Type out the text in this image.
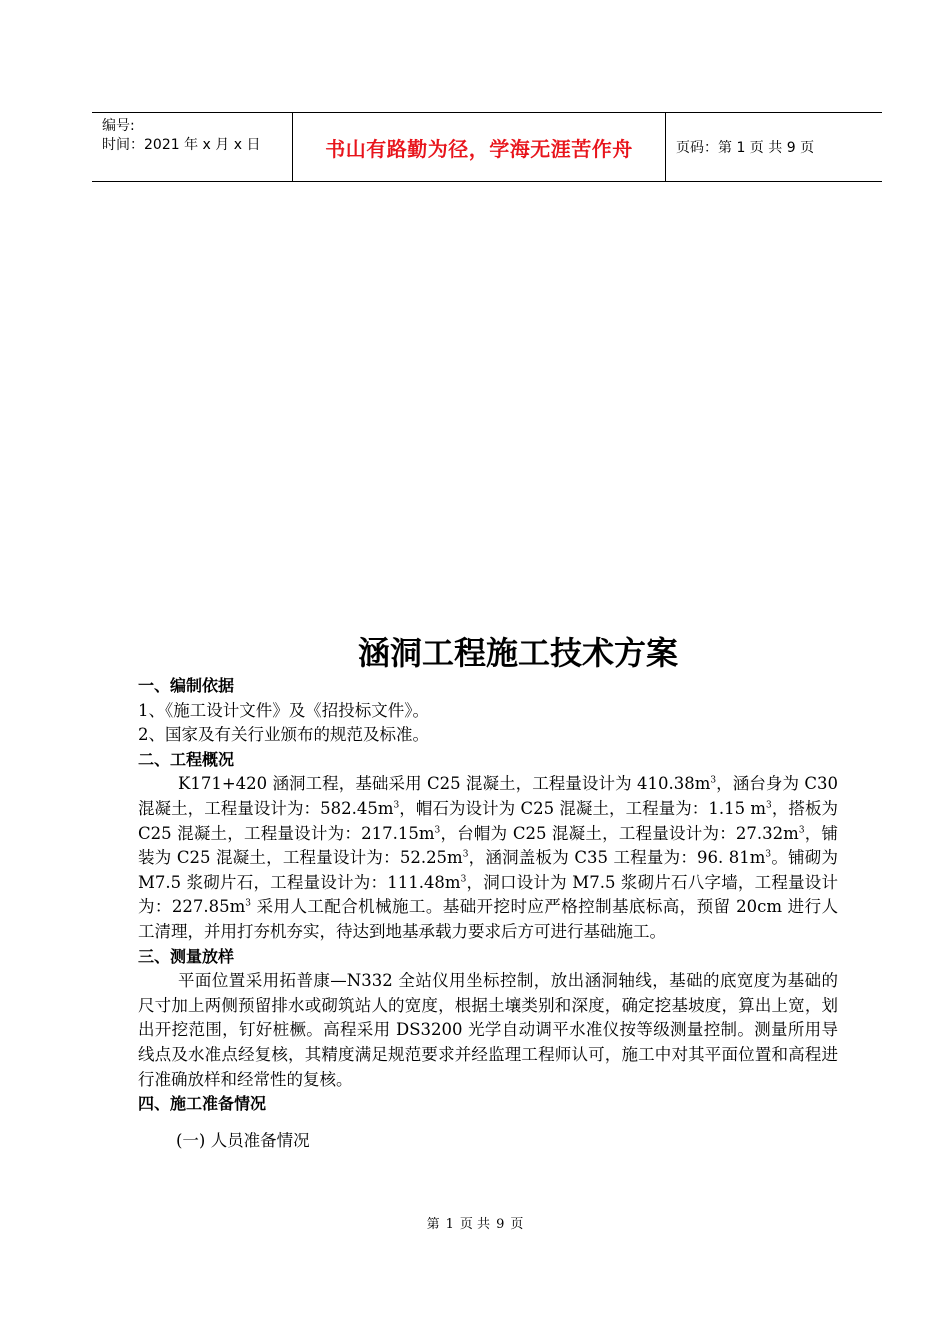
编号:
时间：2021 年 x 月 x 日	书山有路勤为径，学海无涯苦作舟	页码：第 1 页 共 9 页
涵洞工程施工技术方案
一、编制依据

1、《施工设计文件》及《招投标文件》。

2、国家及有关行业颁布的规范及标准。

二、工程概况

K171+420 涵洞工程，基础采用 C25 混凝土，工程量设计为 $410.38m^3$，涵台身为 C30 混凝土，工程量设计为：$582.45m^3$，帽石为设计为 C25 混凝土，工程量为：1.15 $m^3$，搭板为 C25 混凝土，工程量设计为：$217.15m^3$，台帽为 C25 混凝土，工程量设计为：$27.32m^3$，铺装为 C25 混凝土，工程量设计为：$52.25m^3$，涵洞盖板为 C35 工程量为：96. $81m^3$。铺砌为 M7.5 浆砌片石，工程量设计为：$111.48m^3$，洞口设计为 M7.5 浆砌片石八字墙，工程量设计为：$227.85m^3$ 采用人工配合机械施工。基础开挖时应严格控制基底标高，预留 20cm 进行人工清理，并用打夯机夯实，待达到地基承载力要求后方可进行基础施工。

三、测量放样

平面位置采用拓普康—N332 全站仪用坐标控制，放出涵洞轴线，基础的底宽度为基础的尺寸加上两侧预留排水或砌筑站人的宽度，根据土壤类别和深度，确定挖基坡度，算出上宽，划出开挖范围，钉好桩橛。高程采用 DS3200 光学自动调平水准仪按等级测量控制。测量所用导线点及水准点经复核，其精度满足规范要求并经监理工程师认可，施工中对其平面位置和高程进行准确放样和经常性的复核。

四、施工准备情况
(一) 人员准备情况
第 1 页 共 9 页
